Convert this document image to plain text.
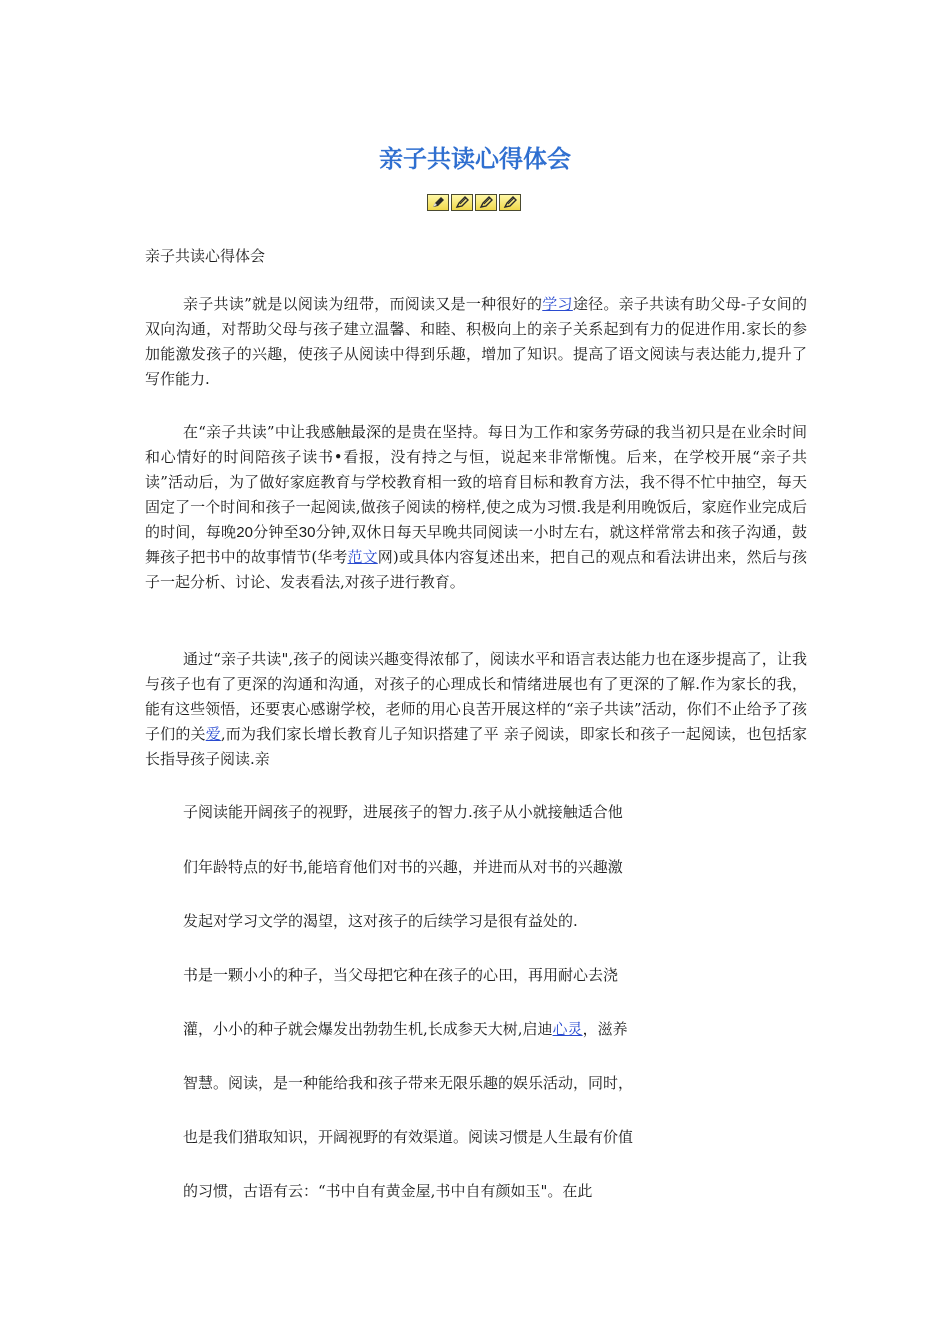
亲子共读心得体会
亲子共读心得体会

亲子共读”就是以阅读为纽带，而阅读又是一种很好的学习途径。亲子共读有助父母-子女间的双向沟通，对帮助父母与孩子建立温馨、和睦、积极向上的亲子关系起到有力的促进作用.家长的参加能激发孩子的兴趣，使孩子从阅读中得到乐趣，增加了知识。提高了语文阅读与表达能力,提升了写作能力.

在“亲子共读”中让我感触最深的是贵在坚持。每日为工作和家务劳碌的我当初只是在业余时间和心情好的时间陪孩子读书•看报，没有持之与恒，说起来非常惭愧。后来，在学校开展“亲子共读”活动后，为了做好家庭教育与学校教育相一致的培育目标和教育方法，我不得不忙中抽空，每天固定了一个时间和孩子一起阅读,做孩子阅读的榜样,使之成为习惯.我是利用晚饭后，家庭作业完成后的时间，每晚20分钟至30分钟,双休日每天早晚共同阅读一小时左右，就这样常常去和孩子沟通，鼓舞孩子把书中的故事情节(华考范文网)或具体内容复述出来，把自己的观点和看法讲出来，然后与孩子一起分析、讨论、发表看法,对孩子进行教育。

通过“亲子共读",孩子的阅读兴趣变得浓郁了，阅读水平和语言表达能力也在逐步提高了，让我与孩子也有了更深的沟通和沟通，对孩子的心理成长和情绪进展也有了更深的了解.作为家长的我，能有这些领悟，还要衷心感谢学校，老师的用心良苦开展这样的“亲子共读”活动，你们不止给予了孩子们的关爱,而为我们家长增长教育儿子知识搭建了平 亲子阅读，即家长和孩子一起阅读，也包括家长指导孩子阅读.亲

子阅读能开阔孩子的视野，进展孩子的智力.孩子从小就接触适合他
们年龄特点的好书,能培育他们对书的兴趣，并进而从对书的兴趣激
发起对学习文学的渴望，这对孩子的后续学习是很有益处的.
书是一颗小小的种子，当父母把它种在孩子的心田，再用耐心去浇
灌，小小的种子就会爆发出勃勃生机,长成参天大树,启迪心灵，滋养
智慧。阅读，是一种能给我和孩子带来无限乐趣的娱乐活动，同时，
也是我们猎取知识，开阔视野的有效渠道。阅读习惯是人生最有价值
的习惯，古语有云：“书中自有黄金屋,书中自有颜如玉"。在此
